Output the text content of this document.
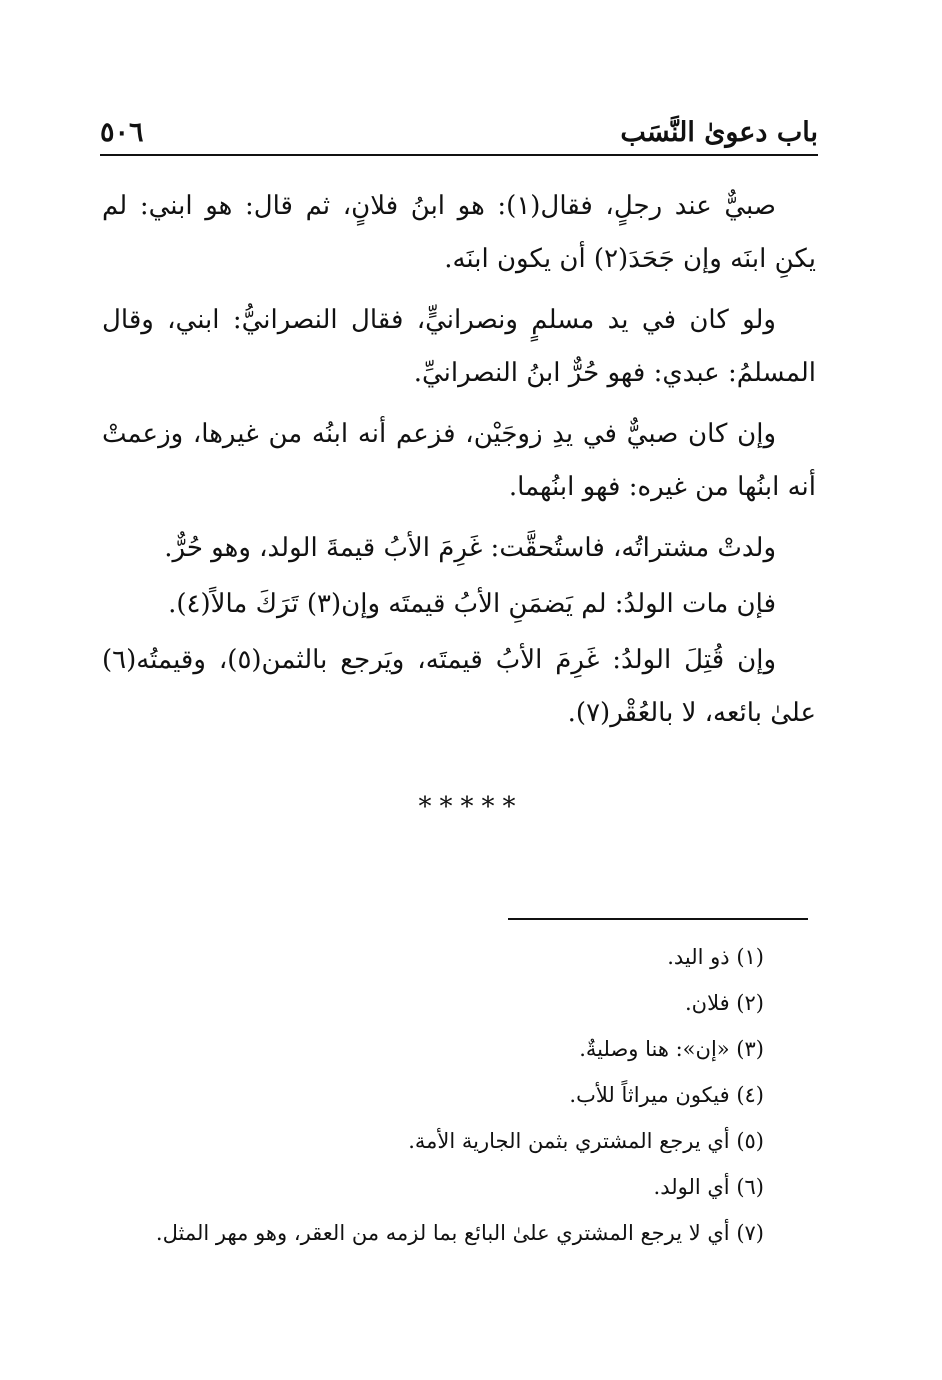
باب دعوىٰ النَّسَب
٥٠٦

صبيٌّ عند رجلٍ، فقال(١): هو ابنُ فلانٍ، ثم قال: هو ابني: لم يكنِ ابنَه وإن جَحَدَ(٢) أن يكون ابنَه.

ولو كان في يد مسلمٍ ونصرانيٍّ، فقال النصرانيُّ: ابني، وقال المسلمُ: عبدي: فهو حُرٌّ ابنُ النصرانيِّ.

وإن كان صبيٌّ في يدِ زوجَيْن، فزعم أنه ابنُه من غيرها، وزعمتْ أنه ابنُها من غيره: فهو ابنُهما.

ولدتْ مشتراتُه، فاستُحقَّت: غَرِمَ الأبُ قيمةَ الولد، وهو حُرٌّ.

فإن مات الولدُ: لم يَضمَنِ الأبُ قيمتَه وإن(٣) تَرَكَ مالاً(٤).

وإن قُتِلَ الولدُ: غَرِمَ الأبُ قيمتَه، ويَرجع بالثمن(٥)، وقيمتُه(٦) علىٰ بائعه، لا بالعُقْر(٧).

*****
(١) ذو اليد.
(٢) فلان.
(٣) «إن»: هنا وصليةٌ.
(٤) فيكون ميراثاً للأب.
(٥) أي يرجع المشتري بثمن الجارية الأمة.
(٦) أي الولد.
(٧) أي لا يرجع المشتري علىٰ البائع بما لزمه من العقر، وهو مهر المثل.
